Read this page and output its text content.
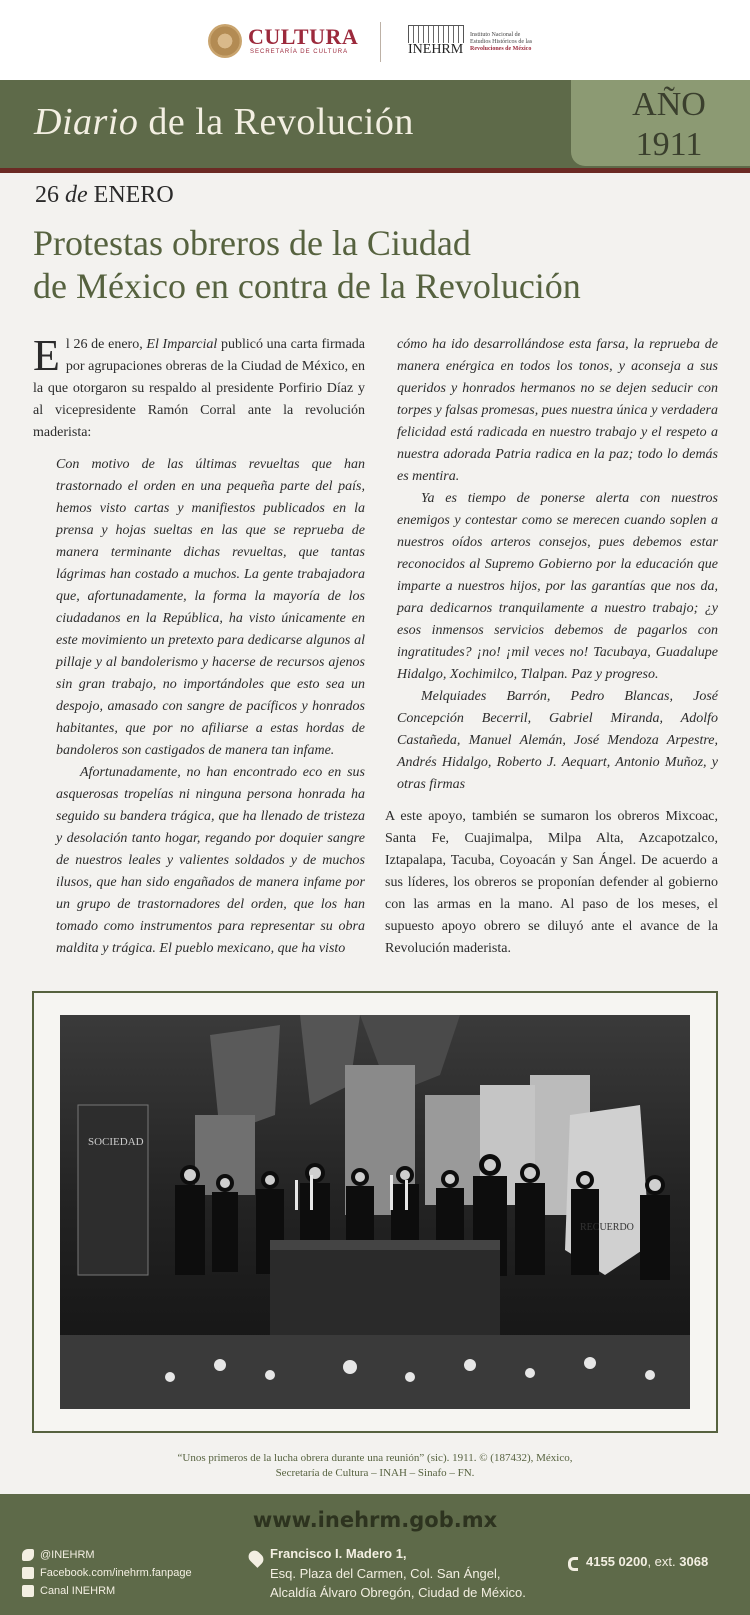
CULTURA
SECRETARÍA DE CULTURA	INEHRM
Instituto Nacional de
Estudios Históricos de las
Revoluciones de México
Diario de la Revolución	AÑO
1911
26 de ENERO
Protestas obreros de la Ciudad
de México en contra de la Revolución

El 26 de enero, El Imparcial publicó una carta firmada por agrupaciones obreras de la Ciudad de México, en la que otorgaron su respaldo al presidente Porfirio Díaz y al vicepresidente Ramón Corral ante la revolución maderista:

Con motivo de las últimas revueltas que han trastornado el orden en una pequeña parte del país, hemos visto cartas y manifiestos publicados en la prensa y hojas sueltas en las que se reprueba de manera terminante dichas revueltas, que tantas lágrimas han costado a muchos. La gente trabajadora que, afortunadamente, la forma la mayoría de los ciudadanos en la República, ha visto únicamente en este movimiento un pretexto para dedicarse algunos al pillaje y al bandolerismo y hacerse de recursos ajenos sin gran trabajo, no importándoles que esto sea un despojo, amasado con sangre de pacíficos y honrados habitantes, que por no afiliarse a estas hordas de bandoleros son castigados de manera tan infame.

Afortunadamente, no han encontrado eco en sus asquerosas tropelías ni ninguna persona honrada ha seguido su bandera trágica, que ha llenado de tristeza y desolación tanto hogar, regando por doquier sangre de nuestros leales y valientes soldados y de muchos ilusos, que han sido engañados de manera infame por un grupo de trastornadores del orden, que los han tomado como instrumentos para representar su obra maldita y trágica. El pueblo mexicano, que ha visto

cómo ha ido desarrollándose esta farsa, la reprueba de manera enérgica en todos los tonos, y aconseja a sus queridos y honrados hermanos no se dejen seducir con torpes y falsas promesas, pues nuestra única y verdadera felicidad está radicada en nuestro trabajo y el respeto a nuestra adorada Patria radica en la paz; todo lo demás es mentira.

Ya es tiempo de ponerse alerta con nuestros enemigos y contestar como se merecen cuando soplen a nuestros oídos arteros consejos, pues debemos estar reconocidos al Supremo Gobierno por la educación que imparte a nuestros hijos, por las garantías que nos da, para dedicarnos tranquilamente a nuestro trabajo; ¿y esos inmensos servicios debemos de pagarlos con ingratitudes? ¡no! ¡mil veces no! Tacubaya, Guadalupe Hidalgo, Xochimilco, Tlalpan. Paz y progreso.

Melquiades Barrón, Pedro Blancas, José Concepción Becerril, Gabriel Miranda, Adolfo Castañeda, Manuel Alemán, José Mendoza Arpestre, Andrés Hidalgo, Roberto J. Aequart, Antonio Muñoz, y otras firmas

A este apoyo, también se sumaron los obreros Mixcoac, Santa Fe, Cuajimalpa, Milpa Alta, Azcapotzalco, Iztapalapa, Tacuba, Coyoacán y San Ángel. De acuerdo a sus líderes, los obreros se proponían defender al gobierno con las armas en la mano. Al paso de los meses, el supuesto apoyo obrero se diluyó ante el avance de la Revolución maderista.

SOCIEDAD
RECUERDO
“Unos primeros de la lucha obrera durante una reunión” (sic). 1911. © (187432), México,
Secretaría de Cultura – INAH – Sinafo – FN.
www.inehrm.gob.mx
@INEHRM
Facebook.com/inehrm.fanpage
Canal INEHRM
Francisco I. Madero 1,
Esq. Plaza del Carmen, Col. San Ángel,
Alcaldía Álvaro Obregón, Ciudad de México.
4155 0200, ext. 3068
